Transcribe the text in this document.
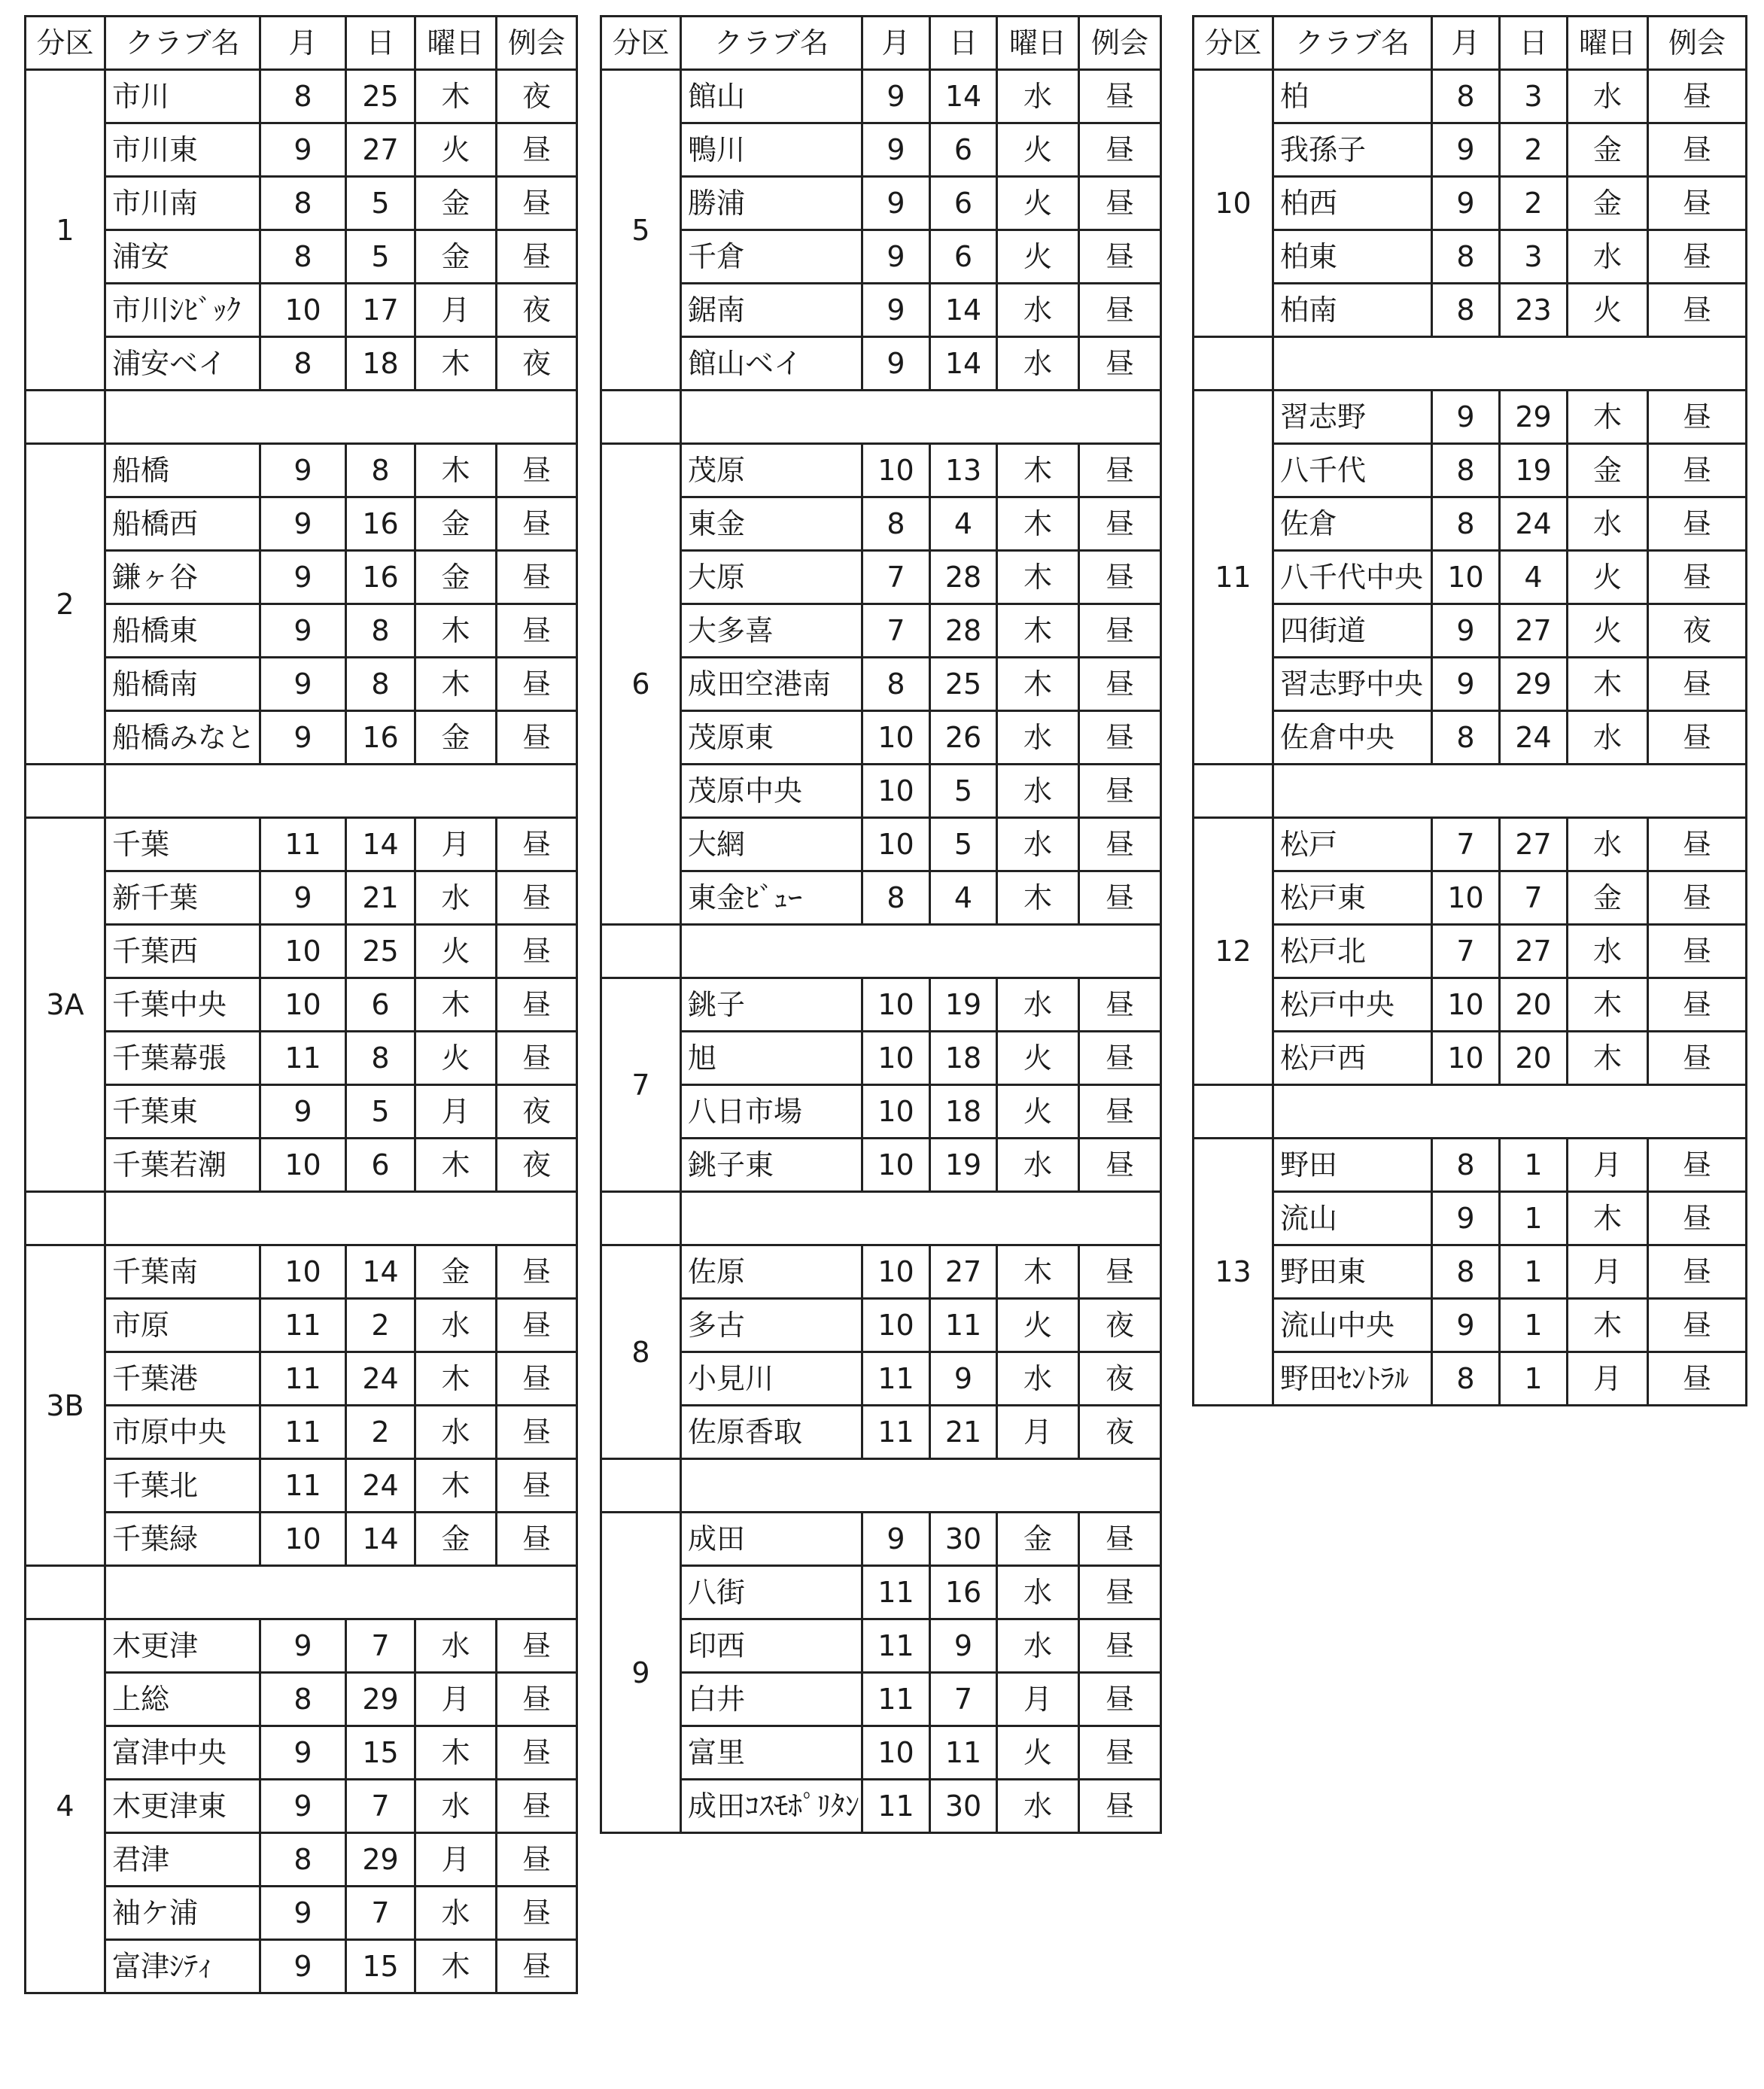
分区	クラブ名	月	日	曜日	例会
1	市川	8	25	木	夜
	市川東	9	27	火	昼
	市川南	8	5	金	昼
	浦安	8	5	金	昼
	市川ｼﾋﾞｯｸ	10	17	月	夜
	浦安ベイ	8	18	木	夜

2	船橋	9	8	木	昼
	船橋西	9	16	金	昼
	鎌ヶ谷	9	16	金	昼
	船橋東	9	8	木	昼
	船橋南	9	8	木	昼
	船橋みなと	9	16	金	昼

3A	千葉	11	14	月	昼
	新千葉	9	21	水	昼
	千葉西	10	25	火	昼
	千葉中央	10	6	木	昼
	千葉幕張	11	8	火	昼
	千葉東	9	5	月	夜
	千葉若潮	10	6	木	夜

3B	千葉南	10	14	金	昼
	市原	11	2	水	昼
	千葉港	11	24	木	昼
	市原中央	11	2	水	昼
	千葉北	11	24	木	昼
	千葉緑	10	14	金	昼

4	木更津	9	7	水	昼
	上総	8	29	月	昼
	富津中央	9	15	木	昼
	木更津東	9	7	水	昼
	君津	8	29	月	昼
	袖ケ浦	9	7	水	昼
	富津ｼﾃｨ	9	15	木	昼
分区	クラブ名	月	日	曜日	例会
5	館山	9	14	水	昼
	鴨川	9	6	火	昼
	勝浦	9	6	火	昼
	千倉	9	6	火	昼
	鋸南	9	14	水	昼
	館山ベイ	9	14	水	昼

6	茂原	10	13	木	昼
	東金	8	4	木	昼
	大原	7	28	木	昼
	大多喜	7	28	木	昼
	成田空港南	8	25	木	昼
	茂原東	10	26	水	昼
	茂原中央	10	5	水	昼
	大網	10	5	水	昼
	東金ﾋﾞｭｰ	8	4	木	昼

7	銚子	10	19	水	昼
	旭	10	18	火	昼
	八日市場	10	18	火	昼
	銚子東	10	19	水	昼

8	佐原	10	27	木	昼
	多古	10	11	火	夜
	小見川	11	9	水	夜
	佐原香取	11	21	月	夜

9	成田	9	30	金	昼
	八街	11	16	水	昼
	印西	11	9	水	昼
	白井	11	7	月	昼
	富里	10	11	火	昼
	成田ｺｽﾓﾎﾟﾘﾀﾝ	11	30	水	昼
分区	クラブ名	月	日	曜日	例会
10	柏	8	3	水	昼
	我孫子	9	2	金	昼
	柏西	9	2	金	昼
	柏東	8	3	水	昼
	柏南	8	23	火	昼

11	習志野	9	29	木	昼
	八千代	8	19	金	昼
	佐倉	8	24	水	昼
	八千代中央	10	4	火	昼
	四街道	9	27	火	夜
	習志野中央	9	29	木	昼
	佐倉中央	8	24	水	昼

12	松戸	7	27	水	昼
	松戸東	10	7	金	昼
	松戸北	7	27	水	昼
	松戸中央	10	20	木	昼
	松戸西	10	20	木	昼

13	野田	8	1	月	昼
	流山	9	1	木	昼
	野田東	8	1	月	昼
	流山中央	9	1	木	昼
	野田ｾﾝﾄﾗﾙ	8	1	月	昼
